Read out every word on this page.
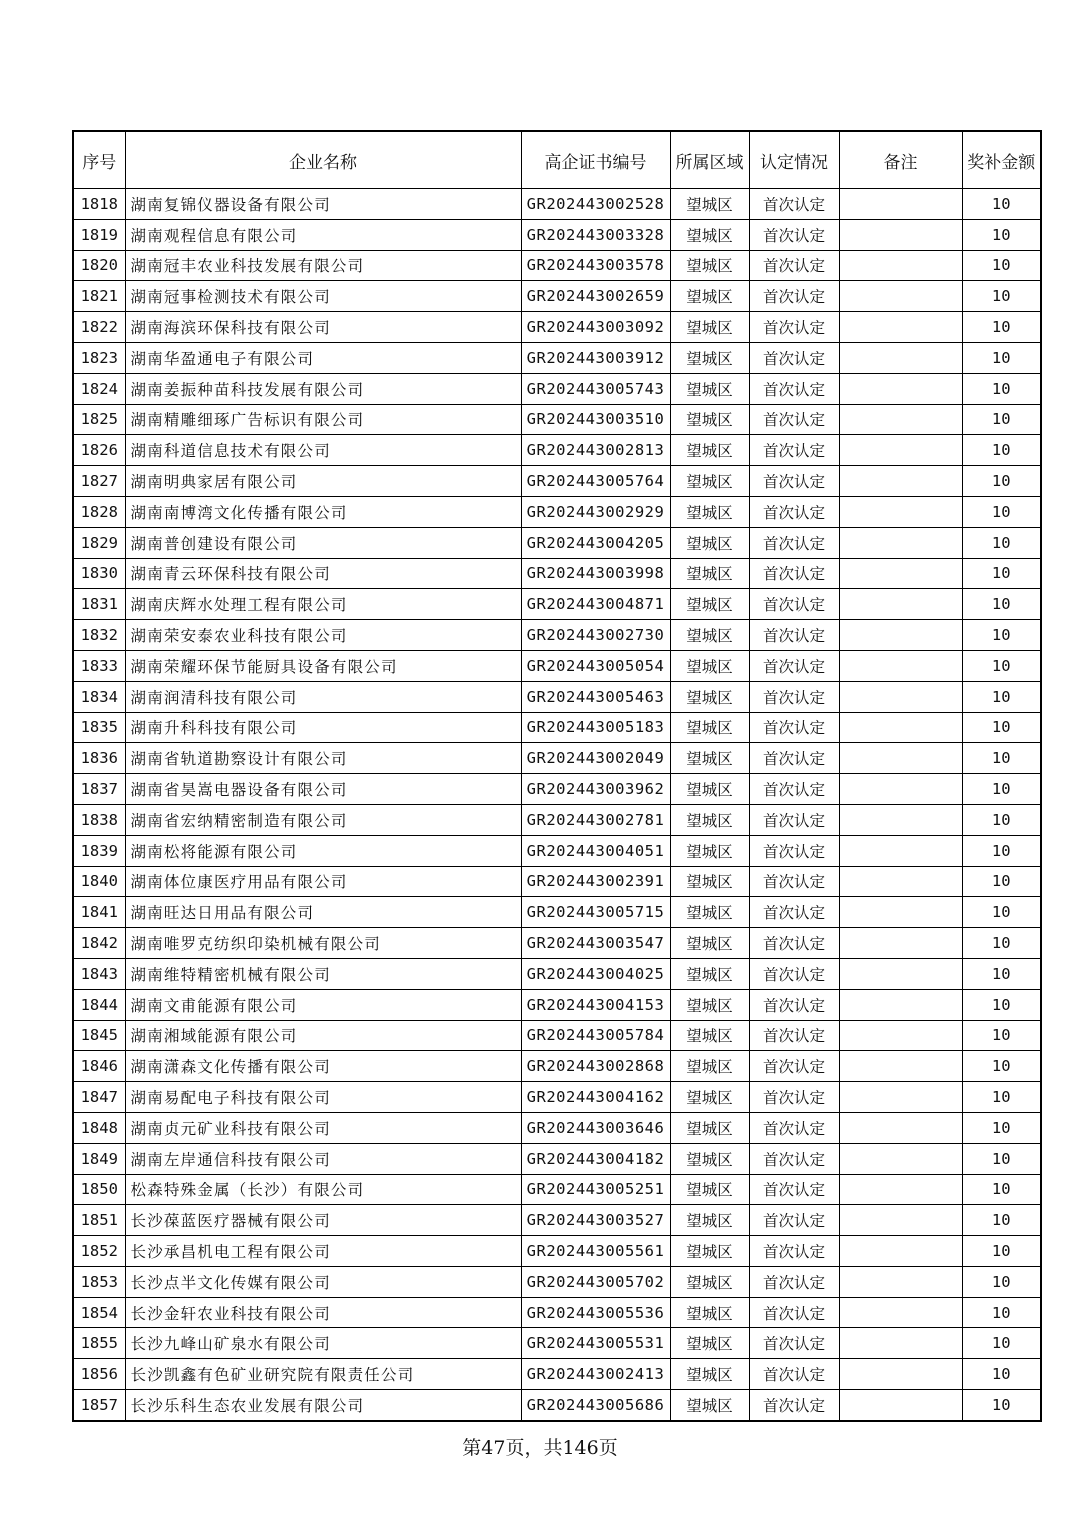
序号	企业名称	高企证书编号	所属区域	认定情况	备注	奖补金额
1818	湖南复锦仪器设备有限公司	GR202443002528	望城区	首次认定		10
1819	湖南观程信息有限公司	GR202443003328	望城区	首次认定		10
1820	湖南冠丰农业科技发展有限公司	GR202443003578	望城区	首次认定		10
1821	湖南冠事检测技术有限公司	GR202443002659	望城区	首次认定		10
1822	湖南海滨环保科技有限公司	GR202443003092	望城区	首次认定		10
1823	湖南华盈通电子有限公司	GR202443003912	望城区	首次认定		10
1824	湖南姜振种苗科技发展有限公司	GR202443005743	望城区	首次认定		10
1825	湖南精雕细琢广告标识有限公司	GR202443003510	望城区	首次认定		10
1826	湖南科道信息技术有限公司	GR202443002813	望城区	首次认定		10
1827	湖南明典家居有限公司	GR202443005764	望城区	首次认定		10
1828	湖南南博湾文化传播有限公司	GR202443002929	望城区	首次认定		10
1829	湖南普创建设有限公司	GR202443004205	望城区	首次认定		10
1830	湖南青云环保科技有限公司	GR202443003998	望城区	首次认定		10
1831	湖南庆辉水处理工程有限公司	GR202443004871	望城区	首次认定		10
1832	湖南荣安泰农业科技有限公司	GR202443002730	望城区	首次认定		10
1833	湖南荣耀环保节能厨具设备有限公司	GR202443005054	望城区	首次认定		10
1834	湖南润清科技有限公司	GR202443005463	望城区	首次认定		10
1835	湖南升科科技有限公司	GR202443005183	望城区	首次认定		10
1836	湖南省轨道勘察设计有限公司	GR202443002049	望城区	首次认定		10
1837	湖南省昊嵩电器设备有限公司	GR202443003962	望城区	首次认定		10
1838	湖南省宏纳精密制造有限公司	GR202443002781	望城区	首次认定		10
1839	湖南松将能源有限公司	GR202443004051	望城区	首次认定		10
1840	湖南体位康医疗用品有限公司	GR202443002391	望城区	首次认定		10
1841	湖南旺达日用品有限公司	GR202443005715	望城区	首次认定		10
1842	湖南唯罗克纺织印染机械有限公司	GR202443003547	望城区	首次认定		10
1843	湖南维特精密机械有限公司	GR202443004025	望城区	首次认定		10
1844	湖南文甫能源有限公司	GR202443004153	望城区	首次认定		10
1845	湖南湘域能源有限公司	GR202443005784	望城区	首次认定		10
1846	湖南潇森文化传播有限公司	GR202443002868	望城区	首次认定		10
1847	湖南易配电子科技有限公司	GR202443004162	望城区	首次认定		10
1848	湖南贞元矿业科技有限公司	GR202443003646	望城区	首次认定		10
1849	湖南左岸通信科技有限公司	GR202443004182	望城区	首次认定		10
1850	松森特殊金属（长沙）有限公司	GR202443005251	望城区	首次认定		10
1851	长沙葆蓝医疗器械有限公司	GR202443003527	望城区	首次认定		10
1852	长沙承昌机电工程有限公司	GR202443005561	望城区	首次认定		10
1853	长沙点半文化传媒有限公司	GR202443005702	望城区	首次认定		10
1854	长沙金轩农业科技有限公司	GR202443005536	望城区	首次认定		10
1855	长沙九峰山矿泉水有限公司	GR202443005531	望城区	首次认定		10
1856	长沙凯鑫有色矿业研究院有限责任公司	GR202443002413	望城区	首次认定		10
1857	长沙乐科生态农业发展有限公司	GR202443005686	望城区	首次认定		10
第47页，共146页
